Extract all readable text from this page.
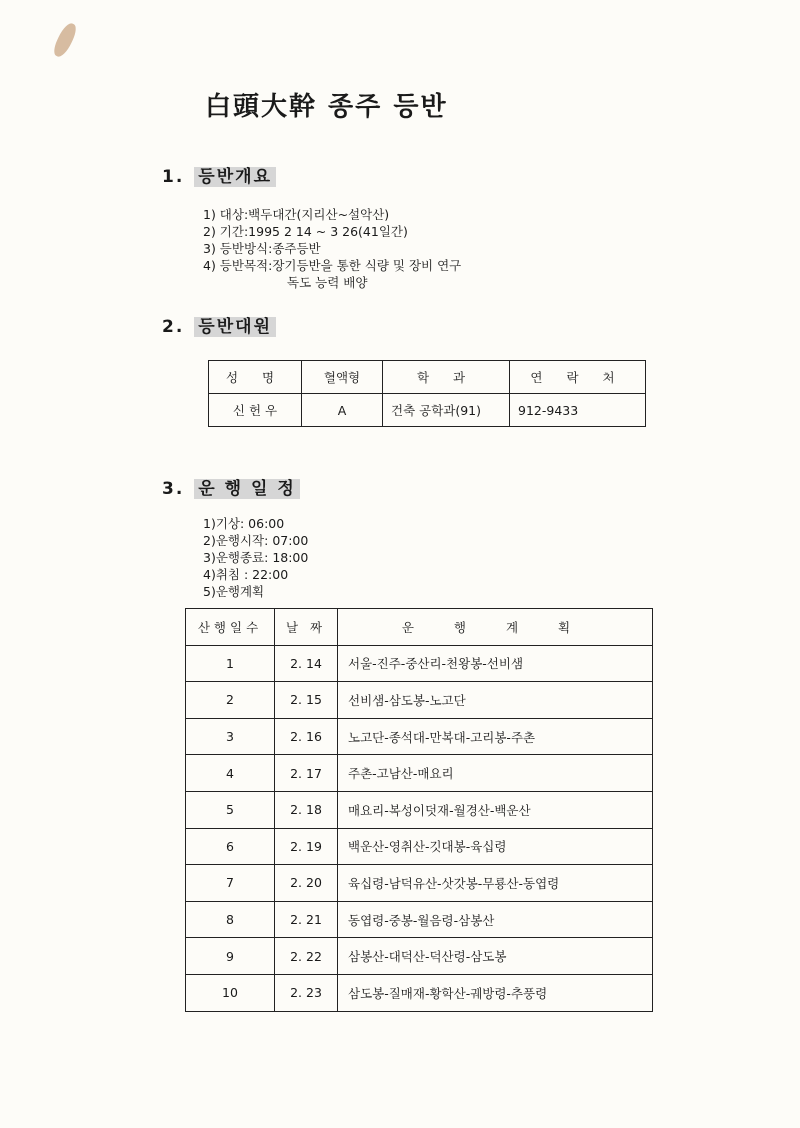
白頭大幹 종주 등반
1. 등반개요
1) 대상:백두대간(지리산~설악산)
2) 기간:1995 2 14 ~ 3 26(41일간)
3) 등반방식:종주등반
4) 등반목적:장기등반을 통한 식량 및 장비 연구
독도 능력 배양
2. 등반대원
성 명	혈액형	학 과	연 락 처
신 헌 우	A	건축 공학과(91)	912-9433
3. 운 행 일 정
1)기상: 06:00
2)운행시작: 07:00
3)운행종료: 18:00
4)취침 : 22:00
5)운행계획
산행일수	날 짜	운 행 계 획
1	2. 14	서울-진주-중산리-천왕봉-선비샘
2	2. 15	선비샘-삼도봉-노고단
3	2. 16	노고단-종석대-만복대-고리봉-주촌
4	2. 17	주촌-고남산-매요리
5	2. 18	매요리-복성이덧재-월경산-백운산
6	2. 19	백운산-영취산-깃대봉-육십령
7	2. 20	육십령-남덕유산-삿갓봉-무룡산-동엽령
8	2. 21	동엽령-중봉-월음령-삼봉산
9	2. 22	삼봉산-대덕산-덕산령-삼도봉
10	2. 23	삼도봉-질매재-황학산-궤방령-추풍령
